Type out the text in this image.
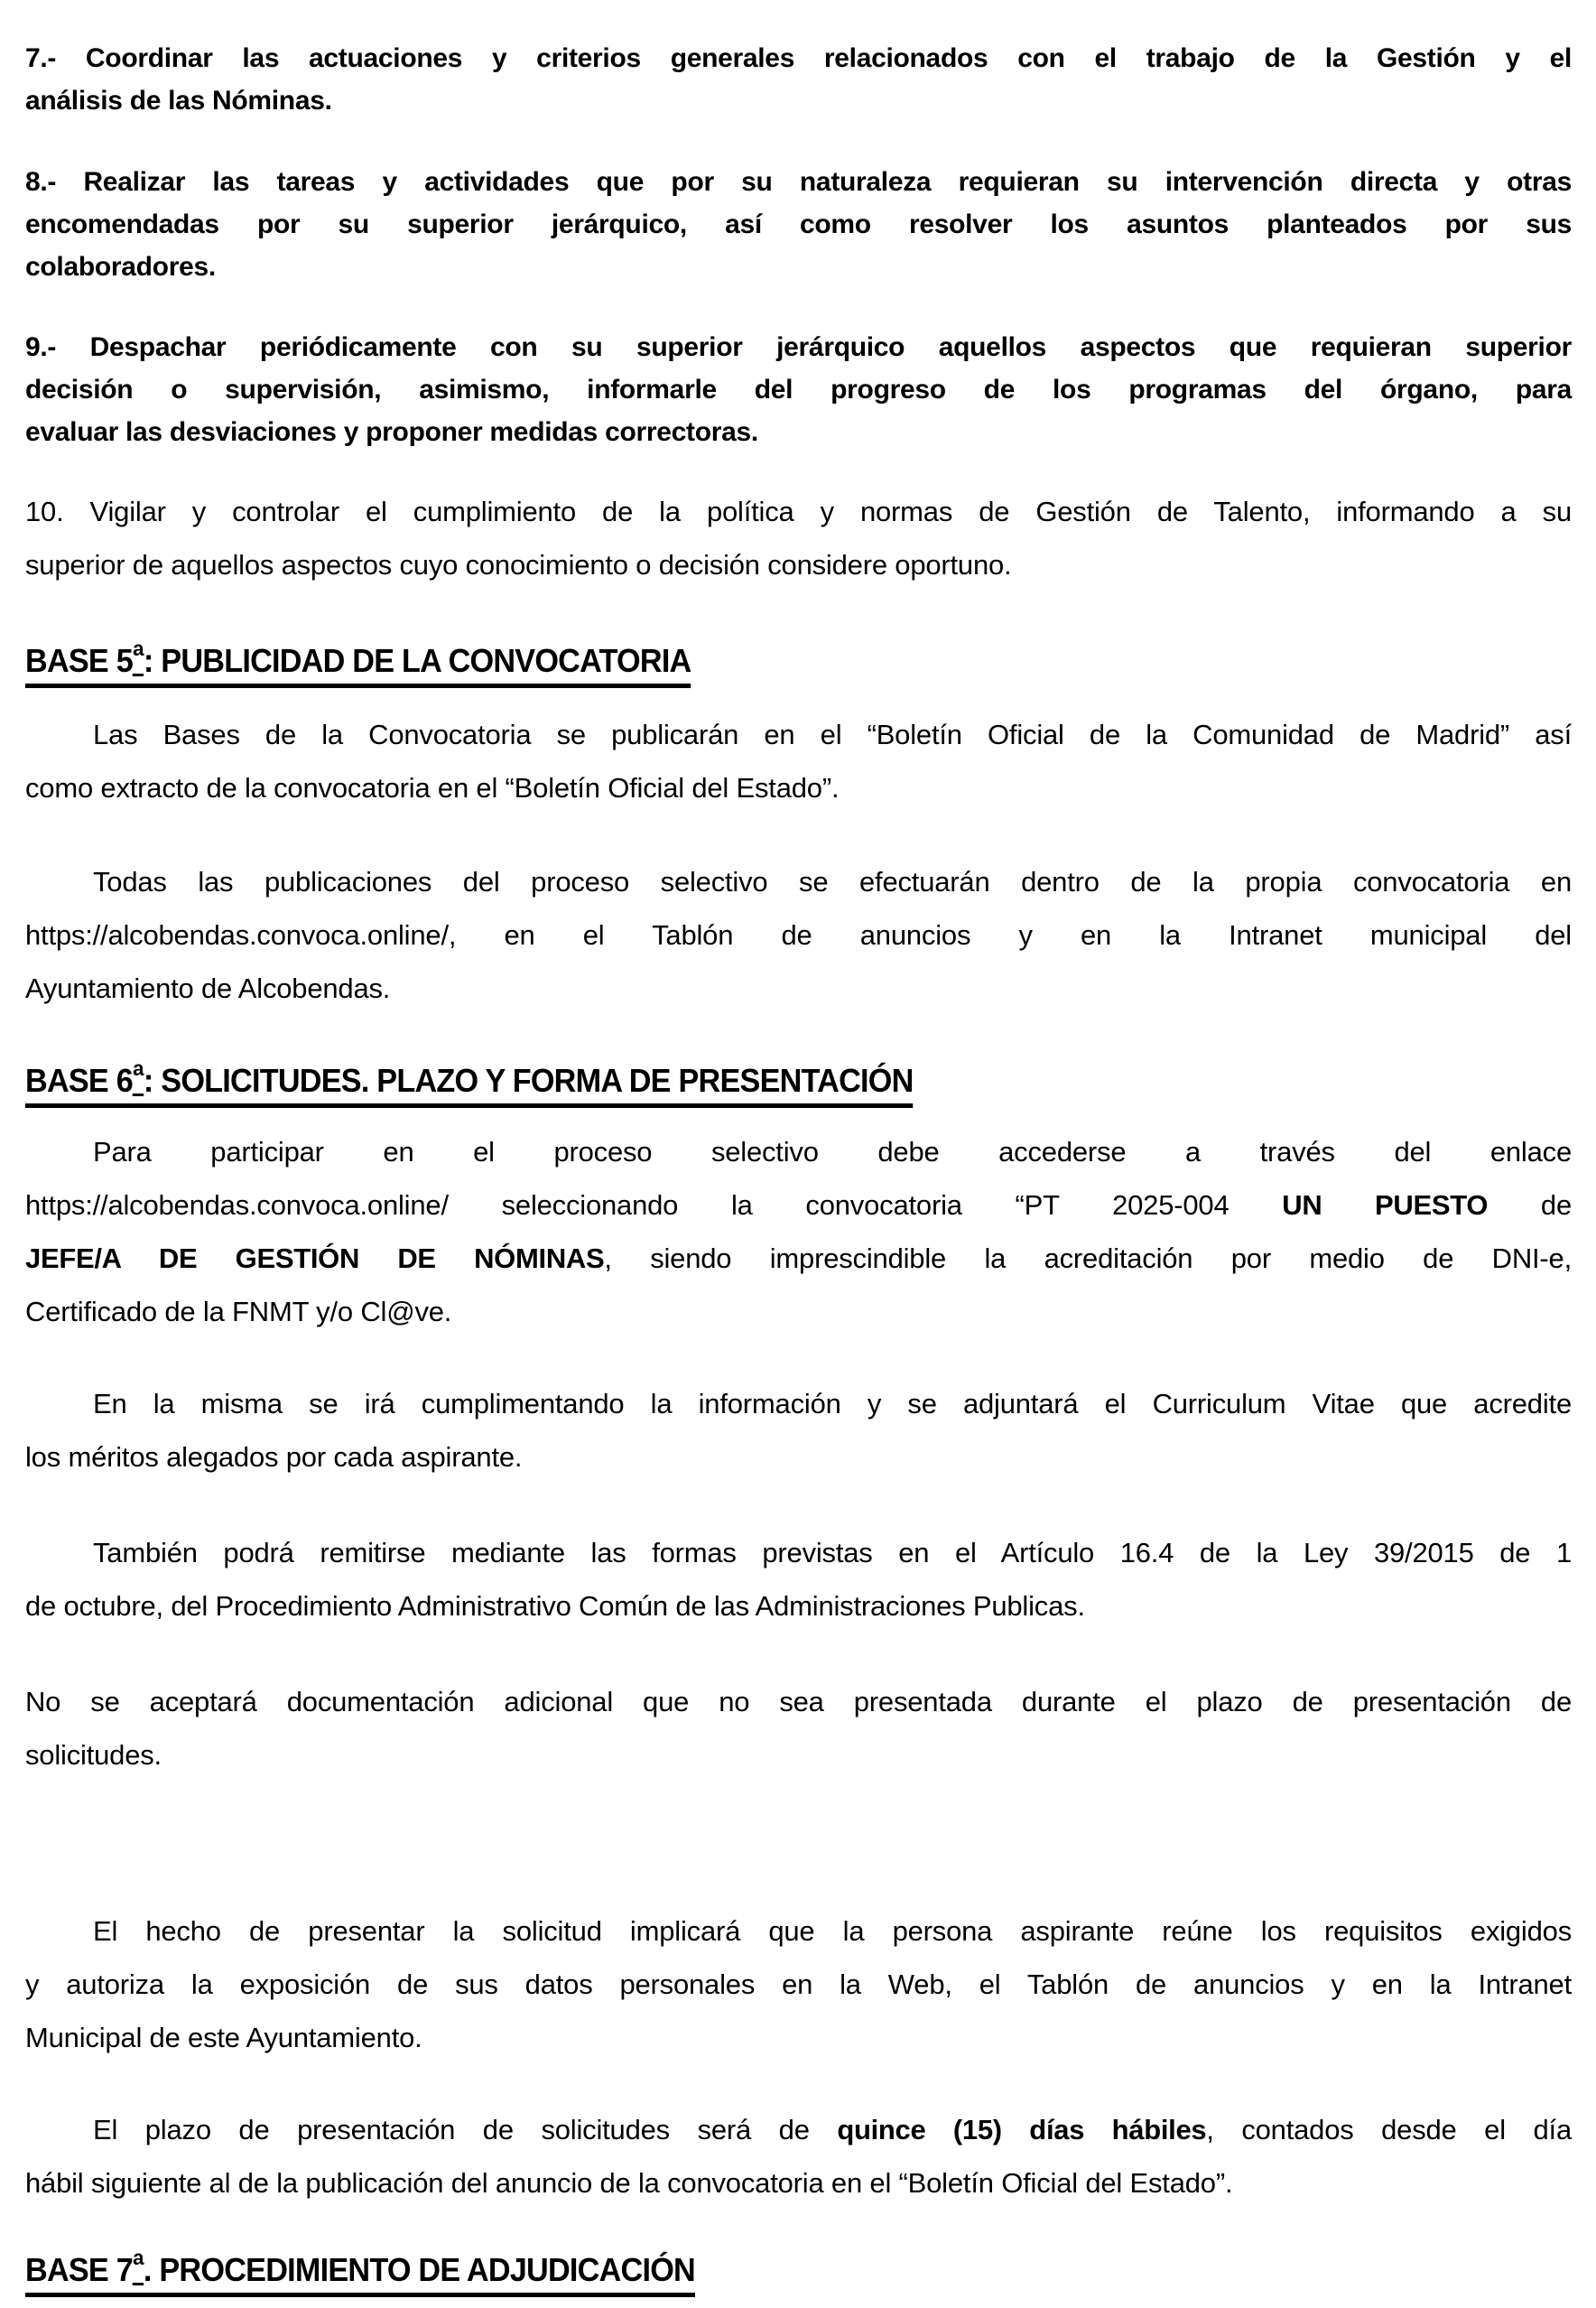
7.- Coordinar las actuaciones y criterios generales relacionados con el trabajo de la Gestión y el
análisis de las Nóminas.
8.- Realizar las tareas y actividades que por su naturaleza requieran su intervención directa y otras
encomendadas por su superior jerárquico, así como resolver los asuntos planteados por sus
colaboradores.
9.- Despachar periódicamente con su superior jerárquico aquellos aspectos que requieran superior
decisión o supervisión, asimismo, informarle del progreso de los programas del órgano, para
evaluar las desviaciones y proponer medidas correctoras.
10. Vigilar y controlar el cumplimiento de la política y normas de Gestión de Talento, informando a su
superior de aquellos aspectos cuyo conocimiento o decisión considere oportuno.
BASE 5ª: PUBLICIDAD DE LA CONVOCATORIA
Las Bases de la Convocatoria se publicarán en el “Boletín Oficial de la Comunidad de Madrid” así
como extracto de la convocatoria en el “Boletín Oficial del Estado”.
Todas las publicaciones del proceso selectivo se efectuarán dentro de la propia convocatoria en
https://alcobendas.convoca.online/, en el Tablón de anuncios y en la Intranet municipal del
Ayuntamiento de Alcobendas.
BASE 6ª: SOLICITUDES. PLAZO Y FORMA DE PRESENTACIÓN
Para participar en el proceso selectivo debe accederse a través del enlace
https://alcobendas.convoca.online/ seleccionando la convocatoria “PT 2025-004 UN PUESTO de
JEFE/A DE GESTIÓN DE NÓMINAS, siendo imprescindible la acreditación por medio de DNI-e,
Certificado de la FNMT y/o Cl@ve.
En la misma se irá cumplimentando la información y se adjuntará el Curriculum Vitae que acredite
los méritos alegados por cada aspirante.
También podrá remitirse mediante las formas previstas en el Artículo 16.4 de la Ley 39/2015 de 1
de octubre, del Procedimiento Administrativo Común de las Administraciones Publicas.
No se aceptará documentación adicional que no sea presentada durante el plazo de presentación de
solicitudes.
El hecho de presentar la solicitud implicará que la persona aspirante reúne los requisitos exigidos
y autoriza la exposición de sus datos personales en la Web, el Tablón de anuncios y en la Intranet
Municipal de este Ayuntamiento.
El plazo de presentación de solicitudes será de quince (15) días hábiles, contados desde el día
hábil siguiente al de la publicación del anuncio de la convocatoria en el “Boletín Oficial del Estado”.
BASE 7ª. PROCEDIMIENTO DE ADJUDICACIÓN
